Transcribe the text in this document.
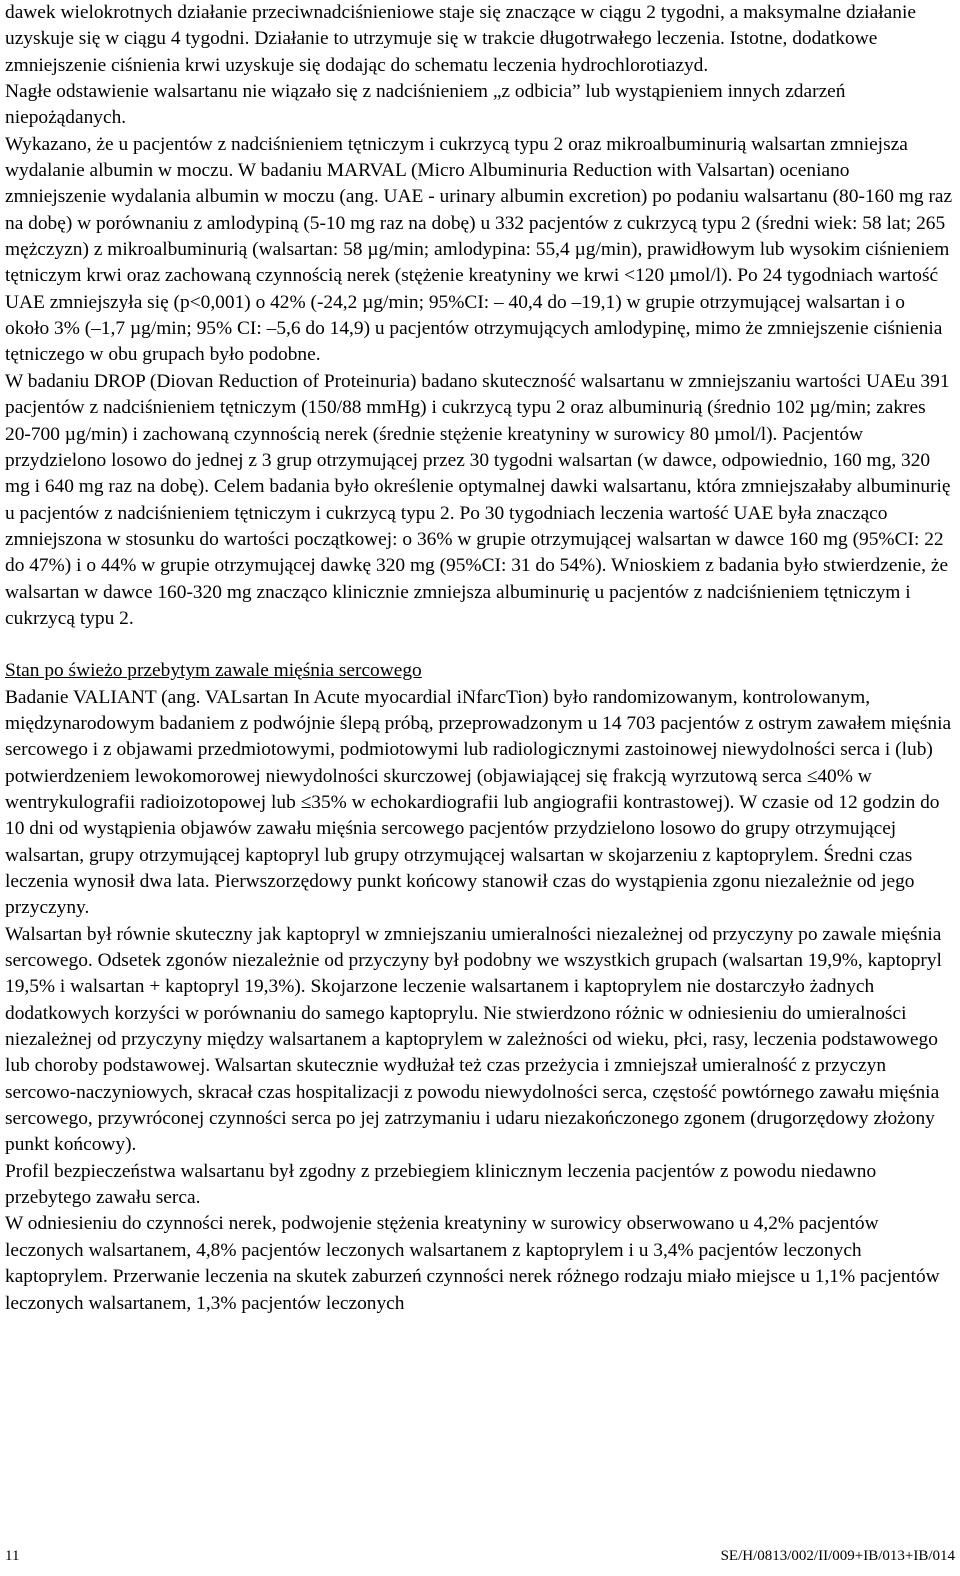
dawek wielokrotnych działanie przeciwnadciśnieniowe staje się znaczące w ciągu 2 tygodni, a maksymalne działanie uzyskuje się w ciągu 4 tygodni. Działanie to utrzymuje się w trakcie długotrwałego leczenia. Istotne, dodatkowe zmniejszenie ciśnienia krwi uzyskuje się dodając do schematu leczenia hydrochlorotiazyd.

Nagłe odstawienie walsartanu nie wiązało się z nadciśnieniem „z odbicia” lub wystąpieniem innych zdarzeń niepożądanych.

Wykazano, że u pacjentów z nadciśnieniem tętniczym i cukrzycą typu 2 oraz mikroalbuminurią walsartan zmniejsza wydalanie albumin w moczu. W badaniu MARVAL (Micro Albuminuria Reduction with Valsartan) oceniano zmniejszenie wydalania albumin w moczu (ang. UAE - urinary albumin excretion) po podaniu walsartanu (80-160 mg raz na dobę) w porównaniu z amlodypiną (5-10 mg raz na dobę) u 332 pacjentów z cukrzycą typu 2 (średni wiek: 58 lat; 265 mężczyzn) z mikroalbuminurią (walsartan: 58 µg/min; amlodypina: 55,4 µg/min), prawidłowym lub wysokim ciśnieniem tętniczym krwi oraz zachowaną czynnością nerek (stężenie kreatyniny we krwi <120 µmol/l). Po 24 tygodniach wartość UAE zmniejszyła się (p<0,001) o 42% (-24,2 µg/min; 95%CI: – 40,4 do –19,1) w grupie otrzymującej walsartan i o około 3% (–1,7 µg/min; 95% CI: –5,6 do 14,9) u pacjentów otrzymujących amlodypinę, mimo że zmniejszenie ciśnienia tętniczego w obu grupach było podobne.

W badaniu DROP (Diovan Reduction of Proteinuria) badano skuteczność walsartanu w zmniejszaniu wartości UAEu 391 pacjentów z nadciśnieniem tętniczym (150/88 mmHg) i cukrzycą typu 2 oraz albuminurią (średnio 102 µg/min; zakres 20-700 µg/min) i zachowaną czynnością nerek (średnie stężenie kreatyniny w surowicy 80 µmol/l). Pacjentów przydzielono losowo do jednej z 3 grup otrzymującej przez 30 tygodni walsartan (w dawce, odpowiednio, 160 mg, 320 mg i 640 mg raz na dobę). Celem badania było określenie optymalnej dawki walsartanu, która zmniejszałaby albuminurię u pacjentów z nadciśnieniem tętniczym i cukrzycą typu 2. Po 30 tygodniach leczenia wartość UAE była znacząco zmniejszona w stosunku do wartości początkowej: o 36% w grupie otrzymującej walsartan w dawce 160 mg (95%CI: 22 do 47%) i o 44% w grupie otrzymującej dawkę 320 mg (95%CI: 31 do 54%). Wnioskiem z badania było stwierdzenie, że walsartan w dawce 160-320 mg znacząco klinicznie zmniejsza albuminurię u pacjentów z nadciśnieniem tętniczym i cukrzycą typu 2.

Stan po świeżo przebytym zawale mięśnia sercowego

Badanie VALIANT (ang. VALsartan In Acute myocardial iNfarcTion) było randomizowanym, kontrolowanym, międzynarodowym badaniem z podwójnie ślepą próbą, przeprowadzonym u 14 703 pacjentów z ostrym zawałem mięśnia sercowego i z objawami przedmiotowymi, podmiotowymi lub radiologicznymi zastoinowej niewydolności serca i (lub) potwierdzeniem lewokomorowej niewydolności skurczowej (objawiającej się frakcją wyrzutową serca ≤40% w wentrykulografii radioizotopowej lub ≤35% w echokardiografii lub angiografii kontrastowej). W czasie od 12 godzin do 10 dni od wystąpienia objawów zawału mięśnia sercowego pacjentów przydzielono losowo do grupy otrzymującej walsartan, grupy otrzymującej kaptopryl lub grupy otrzymującej walsartan w skojarzeniu z kaptoprylem. Średni czas leczenia wynosił dwa lata. Pierwszorzędowy punkt końcowy stanowił czas do wystąpienia zgonu niezależnie od jego przyczyny.

Walsartan był równie skuteczny jak kaptopryl w zmniejszaniu umieralności niezależnej od przyczyny po zawale mięśnia sercowego. Odsetek zgonów niezależnie od przyczyny był podobny we wszystkich grupach (walsartan 19,9%, kaptopryl 19,5% i walsartan + kaptopryl 19,3%). Skojarzone leczenie walsartanem i kaptoprylem nie dostarczyło żadnych dodatkowych korzyści w porównaniu do samego kaptoprylu. Nie stwierdzono różnic w odniesieniu do umieralności niezależnej od przyczyny między walsartanem a kaptoprylem w zależności od wieku, płci, rasy, leczenia podstawowego lub choroby podstawowej. Walsartan skutecznie wydłużał też czas przeżycia i zmniejszał umieralność z przyczyn sercowo-naczyniowych, skracał czas hospitalizacji z powodu niewydolności serca, częstość powtórnego zawału mięśnia sercowego, przywróconej czynności serca po jej zatrzymaniu i udaru niezakończonego zgonem (drugorzędowy złożony punkt końcowy).

Profil bezpieczeństwa walsartanu był zgodny z przebiegiem klinicznym leczenia pacjentów z powodu niedawno przebytego zawału serca.

W odniesieniu do czynności nerek, podwojenie stężenia kreatyniny w surowicy obserwowano u 4,2% pacjentów leczonych walsartanem, 4,8% pacjentów leczonych walsartanem z kaptoprylem i u 3,4% pacjentów leczonych kaptoprylem. Przerwanie leczenia na skutek zaburzeń czynności nerek różnego rodzaju miało miejsce u 1,1% pacjentów leczonych walsartanem, 1,3% pacjentów leczonych

11	SE/H/0813/002/II/009+IB/013+IB/014
